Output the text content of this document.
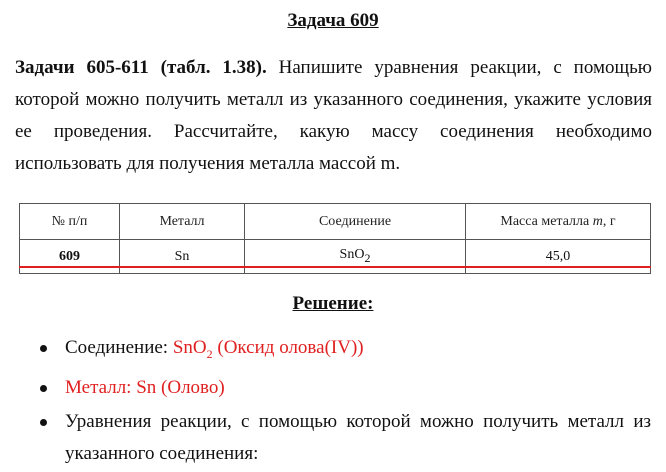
Задача 609

Задачи 605-611 (табл. 1.38). Напишите уравнения реакции, с помощью которой можно получить металл из указанного соединения, укажите условия ее проведения. Рассчитайте, какую массу соединения необходимо использовать для получения металла массой m.

№ п/п	Металл	Соединение	Масса металла m, г
609	Sn	SnO$_2$	45,0
Решение:
Соединение: SnO$_2$ (Оксид олова(IV))
Металл: Sn (Олово)
Уравнения реакции, с помощью которой можно получить металл из указанного соединения:
